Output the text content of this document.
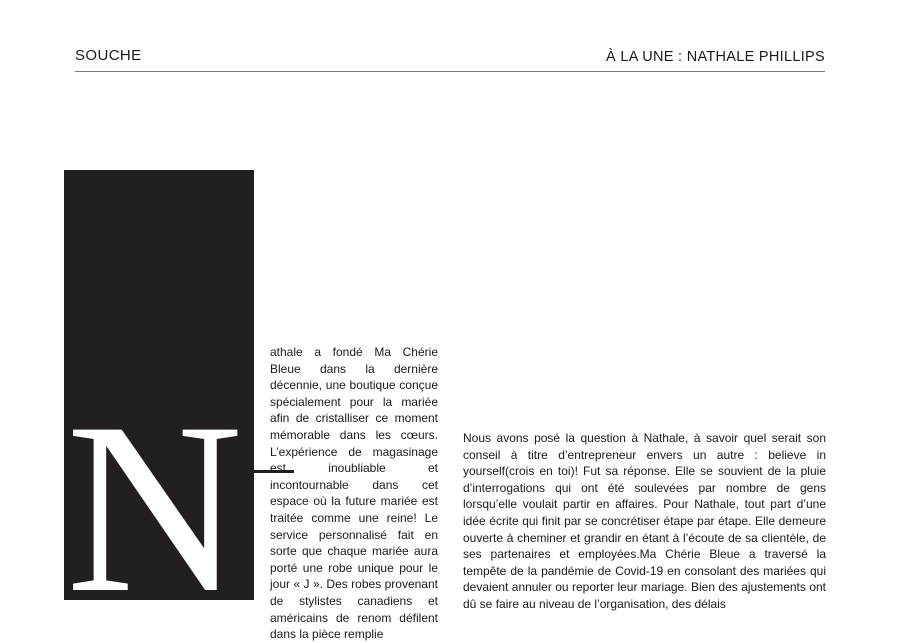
SOUCHE	À LA UNE : NATHALE PHILLIPS
N

athale a fondé Ma Chérie Bleue dans la dernière décennie, une boutique conçue spécialement pour la mariée afin de cristalliser ce moment mémorable dans les cœurs. L’expérience de magasinage est inoubliable et incontournable dans cet espace où la future mariée est traitée comme une reine! Le service personnalisé fait en sorte que chaque mariée aura porté une robe unique pour le jour « J ». Des robes provenant de stylistes canadiens et américains de renom défilent dans la pièce remplie

Nous avons posé la question à Nathale, à savoir quel serait son conseil à titre d’entrepreneur envers un autre : believe in yourself(crois en toi)! Fut sa réponse. Elle se souvient de la pluie d’interrogations qui ont été soulevées par nombre de gens lorsqu’elle voulait partir en affaires. Pour Nathale, tout part d’une idée écrite qui finit par se concrétiser étape par étape. Elle demeure ouverte à cheminer et grandir en étant à l’écoute de sa clientèle, de ses partenaires et employées.Ma Chérie Bleue a traversé la tempête de la pandémie de Covid-19 en consolant des mariées qui devaient annuler ou reporter leur mariage. Bien des ajustements ont dû se faire au niveau de l’organisation, des délais
